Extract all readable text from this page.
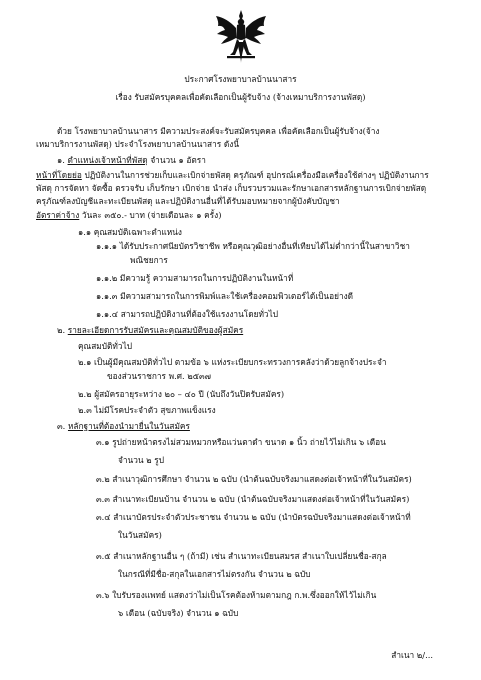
ประกาศโรงพยาบาลบ้านนาสาร
เรื่อง รับสมัครบุคคลเพื่อคัดเลือกเป็นผู้รับจ้าง (จ้างเหมาบริการงานพัสดุ)
ด้วย โรงพยาบาลบ้านนาสาร มีความประสงค์จะรับสมัครบุคคล เพื่อคัดเลือกเป็นผู้รับจ้าง(จ้าง
เหมาบริการงานพัสดุ) ประจำโรงพยาบาลบ้านนาสาร ดังนี้
๑. ตำแหน่งเจ้าหน้าที่พัสดุ จำนวน ๑ อัตรา
หน้าที่โดยย่อ ปฏิบัติงานในการช่วยเก็บและเบิกจ่ายพัสดุ ครุภัณฑ์ อุปกรณ์เครื่องมือเครื่องใช้ต่างๆ ปฏิบัติงานการ
พัสดุ การจัดหา จัดซื้อ ตรวจรับ เก็บรักษา เบิกจ่าย นำส่ง เก็บรวบรวมและรักษาเอกสารหลักฐานการเบิกจ่ายพัสดุ
ครุภัณฑ์ลงบัญชีและทะเบียนพัสดุ และปฏิบัติงานอื่นที่ได้รับมอบหมายจากผู้บังคับบัญชา
อัตราค่าจ้าง วันละ ๓๕๐.- บาท (จ่ายเดือนละ ๑ ครั้ง)
๑.๑ คุณสมบัติเฉพาะตำแหน่ง
๑.๑.๑ ได้รับประกาศนียบัตรวิชาชีพ หรือคุณวุฒิอย่างอื่นที่เทียบได้ไม่ต่ำกว่านี้ในสาขาวิชา
พณิชยการ
๑.๑.๒ มีความรู้ ความสามารถในการปฏิบัติงานในหน้าที่
๑.๑.๓ มีความสามารถในการพิมพ์และใช้เครื่องคอมพิวเตอร์ได้เป็นอย่างดี
๑.๑.๔ สามารถปฏิบัติงานที่ต้องใช้แรงงานโดยทั่วไป
๒. รายละเอียดการรับสมัครและคุณสมบัติของผู้สมัคร
คุณสมบัติทั่วไป
๒.๑ เป็นผู้มีคุณสมบัติทั่วไป ตามข้อ ๖ แห่งระเบียบกระทรวงการคลังว่าด้วยลูกจ้างประจำ
ของส่วนราชการ พ.ศ. ๒๕๓๗
๒.๒ ผู้สมัครอายุระหว่าง ๒๐ – ๔๐ ปี (นับถึงวันปิดรับสมัคร)
๒.๓ ไม่มีโรคประจำตัว สุขภาพแข็งแรง
๓. หลักฐานที่ต้องนำมายื่นในวันสมัคร
๓.๑ รูปถ่ายหน้าตรงไม่สวมหมวกหรือแว่นตาดำ ขนาด ๑ นิ้ว ถ่ายไว้ไม่เกิน ๖ เดือน
จำนวน ๒ รูป
๓.๒ สำเนาวุฒิการศึกษา จำนวน ๒ ฉบับ (นำต้นฉบับจริงมาแสดงต่อเจ้าหน้าที่ในวันสมัคร)
๓.๓ สำเนาทะเบียนบ้าน จำนวน ๒ ฉบับ (นำต้นฉบับจริงมาแสดงต่อเจ้าหน้าที่ในวันสมัคร)
๓.๔ สำเนาบัตรประจำตัวประชาชน จำนวน ๒ ฉบับ (นำบัตรฉบับจริงมาแสดงต่อเจ้าหน้าที่
ในวันสมัคร)
๓.๕ สำเนาหลักฐานอื่น ๆ (ถ้ามี) เช่น สำเนาทะเบียนสมรส สำเนาใบเปลี่ยนชื่อ-สกุล
ในกรณีที่มีชื่อ-สกุลในเอกสารไม่ตรงกัน จำนวน ๒ ฉบับ
๓.๖ ใบรับรองแพทย์ แสดงว่าไม่เป็นโรคต้องห้ามตามกฎ ก.พ.ซึ่งออกให้ไว้ไม่เกิน
๖ เดือน (ฉบับจริง) จำนวน ๑ ฉบับ
สำเนา ๒/...
